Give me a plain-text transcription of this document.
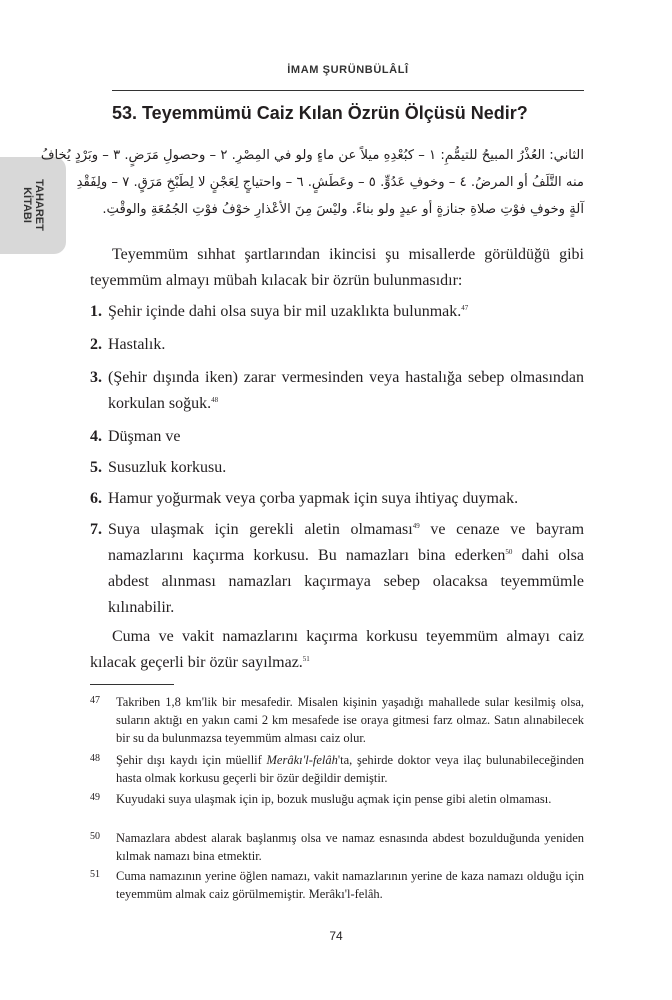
İMAM ŞURÜNBÜLÂLÎ
TAHARET
KİTABI
53. Teyemmümü Caiz Kılan Özrün Ölçüsü Nedir?

الثاني: العُذْرُ المبيحُ للتيمُّمِ: ١ – كبُعْدِهِ ميلاً عن ماءٍ ولو في المِصْرِ. ٢ – وحصولِ مَرَضٍ. ٣ – وبَرْدٍ يُخافُ

منه التَّلَفُ أو المرضُ. ٤ – وخوفِ عَدُوٍّ. ٥ – وعَطَشٍ. ٦ – واحتياجٍ لِعَجْنٍ لا لِطَبْخِ مَرَقٍ. ٧ – ولِفَقْدِ

آلةٍ وخوفِ فوْتِ صلاةِ جنازةٍ أو عيدٍ ولو بناءً. وليْسَ مِنَ الأعْذارِ خوْفُ فوْتِ الجُمُعَةِ والوقْتِ.

Teyemmüm sıhhat şartlarından ikincisi şu misallerde görüldüğü gibi teyemmüm almayı mübah kılacak bir özrün bulunmasıdır:

1. Şehir içinde dahi olsa suya bir mil uzaklıkta bulunmak.$^{47}$
2. Hastalık.
3. (Şehir dışında iken) zarar vermesinden veya hastalığa sebep olmasından korkulan soğuk.$^{48}$
4. Düşman ve
5. Susuzluk korkusu.
6. Hamur yoğurmak veya çorba yapmak için suya ihtiyaç duymak.
7. Suya ulaşmak için gerekli aletin olmaması$^{49}$ ve cenaze ve bayram namazlarını kaçırma korkusu. Bu namazları bina ederken$^{50}$ dahi olsa abdest alınması namazları kaçırmaya sebep olacaksa teyemmümle kılınabilir.

Cuma ve vakit namazlarını kaçırma korkusu teyemmüm almayı caiz kılacak geçerli bir özür sayılmaz.$^{51}$

47 Takriben 1,8 km'lik bir mesafedir. Misalen kişinin yaşadığı mahallede sular kesilmiş olsa, suların aktığı en yakın cami 2 km mesafede ise oraya gitmesi farz olmaz. Satın alınabilecek bir su da bulunmazsa teyemmüm alması caiz olur.
48 Şehir dışı kaydı için müellif Merâkı'l-felâh'ta, şehirde doktor veya ilaç bulunabileceğinden hasta olmak korkusu geçerli bir özür değildir demiştir.
49 Kuyudaki suya ulaşmak için ip, bozuk musluğu açmak için pense gibi aletin olmaması.
50 Namazlara abdest alarak başlanmış olsa ve namaz esnasında abdest bozulduğunda yeniden kılmak namazı bina etmektir.
51 Cuma namazının yerine öğlen namazı, vakit namazlarının yerine de kaza namazı olduğu için teyemmüm almak caiz görülmemiştir. Merâkı'l-felâh.
74
